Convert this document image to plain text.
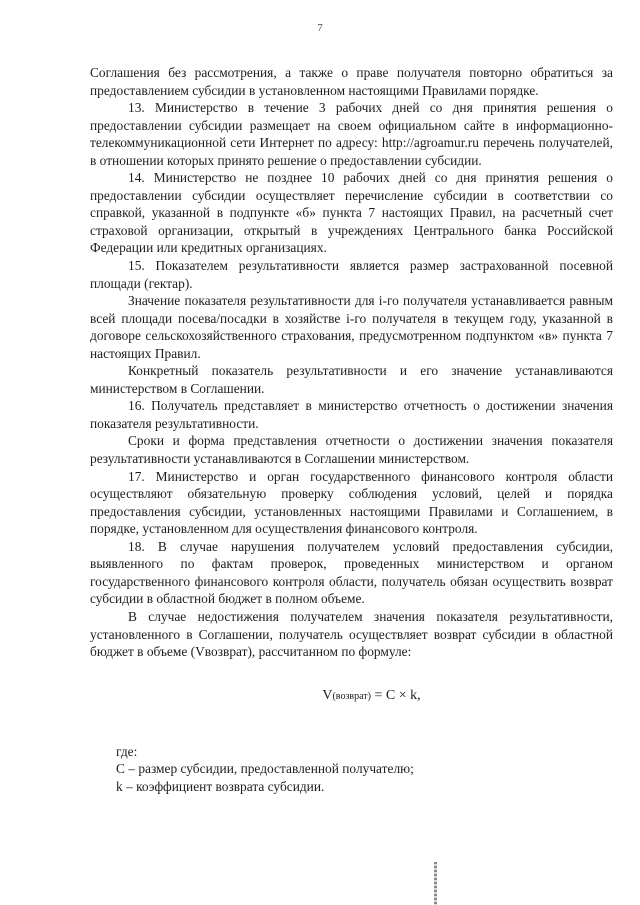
7

Соглашения без рассмотрения, а также о праве получателя повторно обратиться за предоставлением субсидии в установленном настоящими Правилами порядке.

13. Министерство в течение 3 рабочих дней со дня принятия решения о предоставлении субсидии размещает на своем официальном сайте в информационно-телекоммуникационной сети Интернет по адресу: http://agroamur.ru перечень получателей, в отношении которых принято решение о предоставлении субсидии.

14. Министерство не позднее 10 рабочих дней со дня принятия решения о предоставлении субсидии осуществляет перечисление субсидии в соответствии со справкой, указанной в подпункте «б» пункта 7 настоящих Правил, на расчетный счет страховой организации, открытый в учреждениях Центрального банка Российской Федерации или кредитных организациях.

15. Показателем результативности является размер застрахованной посевной площади (гектар).

Значение показателя результативности для i-го получателя устанавливается равным всей площади посева/посадки в хозяйстве i-го получателя в текущем году, указанной в договоре сельскохозяйственного страхования, предусмотренном подпунктом «в» пункта 7 настоящих Правил.

Конкретный показатель результативности и его значение устанавливаются министерством в Соглашении.

16. Получатель представляет в министерство отчетность о достижении значения показателя результативности.

Сроки и форма представления отчетности о достижении значения показателя результативности устанавливаются в Соглашении министерством.

17. Министерство и орган государственного финансового контроля области осуществляют обязательную проверку соблюдения условий, целей и порядка предоставления субсидии, установленных настоящими Правилами и Соглашением, в порядке, установленном для осуществления финансового контроля.

18. В случае нарушения получателем условий предоставления субсидии, выявленного по фактам проверок, проведенных министерством и органом государственного финансового контроля области, получатель обязан осуществить возврат субсидии в областной бюджет в полном объеме.

В случае недостижения получателем значения показателя результативности, установленного в Соглашении, получатель осуществляет возврат субсидии в областной бюджет в объеме (Vвозврат), рассчитанном по формуле:

V(возврат) = C × k,

где:

C – размер субсидии, предоставленной получателю;

k – коэффициент возврата субсидии.
